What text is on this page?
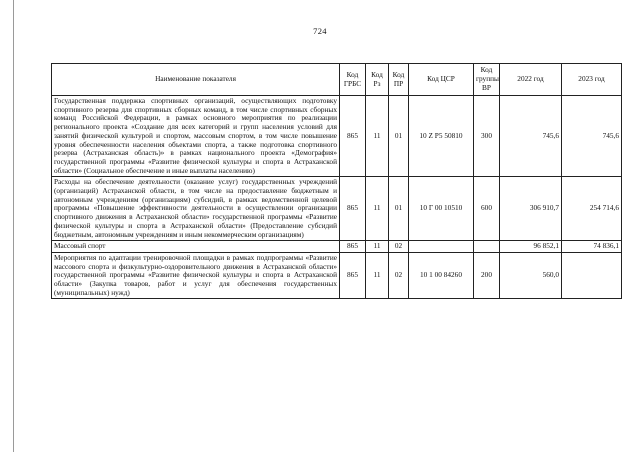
724
Наименование показателя	Код ГРБС	Код Рз	Код ПР	Код ЦСР	Код группы ВР	2022 год	2023 год
Государственная поддержка спортивных организаций, осуществляющих подготовку спортивного резерва для спортивных сборных команд, в том числе спортивных сборных команд Российской Федерации, в рамках основного мероприятия по реализации регионального проекта «Создание для всех категорий и групп населения условий для занятий физической культурой и спортом, массовым спортом, в том числе повышение уровня обеспеченности населения объектами спорта, а также подготовка спортивного резерва (Астраханская область)» в рамках национального проекта «Демография» государственной программы «Развитие физической культуры и спорта в Астраханской области» (Социальное обеспечение и иные выплаты населению)	865	11	01	10 Z P5 50810	300	745,6	745,6
Расходы на обеспечение деятельности (оказание услуг) государственных учреждений (организаций) Астраханской области, в том числе на предоставление бюджетным и автономным учреждениям (организациям) субсидий, в рамках ведомственной целевой программы «Повышение эффективности деятельности в осуществлении организации спортивного движения в Астраханской области» государственной программы «Развитие физической культуры и спорта в Астраханской области» (Предоставление субсидий бюджетным, автономным учреждениям и иным некоммерческим организациям)	865	11	01	10 Г 00 10510	600	306 910,7	254 714,6
Массовый спорт	865	11	02			96 852,1	74 836,1
Мероприятия по адаптации тренировочной площадки в рамках подпрограммы «Развитие массового спорта и физкультурно-оздоровительного движения в Астраханской области» государственной программы «Развитие физической культуры и спорта в Астраханской области» (Закупка товаров, работ и услуг для обеспечения государственных (муниципальных) нужд)	865	11	02	10 1 00 84260	200	560,0	
